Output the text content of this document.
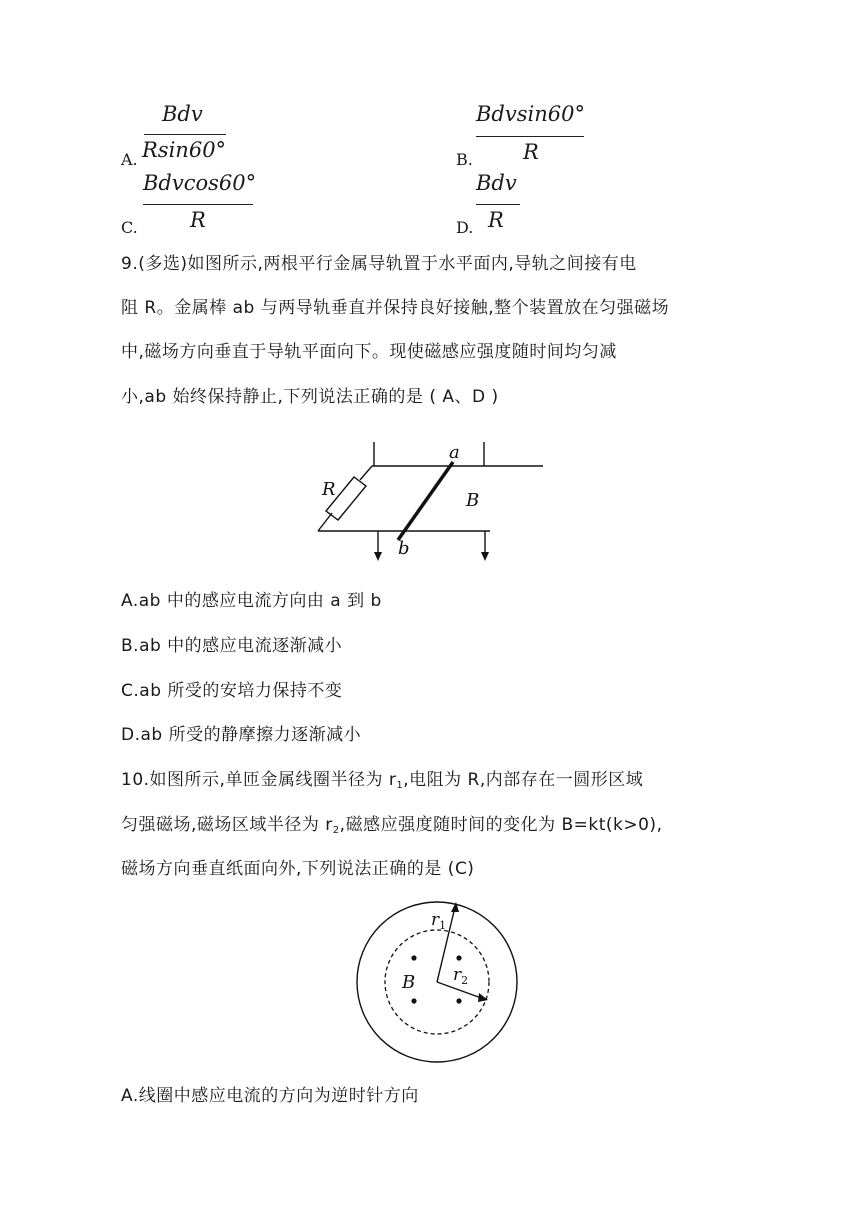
A.
Bdv
Rsin60°	B.
Bdvsin60°
R
C.
Bdvcos60°
R	D.
Bdv
R
9.(多选)如图所示,两根平行金属导轨置于水平面内,导轨之间接有电
阻 R。金属棒 ab 与两导轨垂直并保持良好接触,整个装置放在匀强磁场
中,磁场方向垂直于导轨平面向下。现使磁感应强度随时间均匀减
小,ab 始终保持静止,下列说法正确的是 ( A、D )
a
b
R
B
A.ab 中的感应电流方向由 a 到 b
B.ab 中的感应电流逐渐减小
C.ab 所受的安培力保持不变
D.ab 所受的静摩擦力逐渐减小
10.如图所示,单匝金属线圈半径为 $r_1$,电阻为 R,内部存在一圆形区域
匀强磁场,磁场区域半径为 $r_2$,磁感应强度随时间的变化为 B=kt(k>0),
磁场方向垂直纸面向外,下列说法正确的是 (C)
$r_1$
$r_2$
B
A.线圈中感应电流的方向为逆时针方向
